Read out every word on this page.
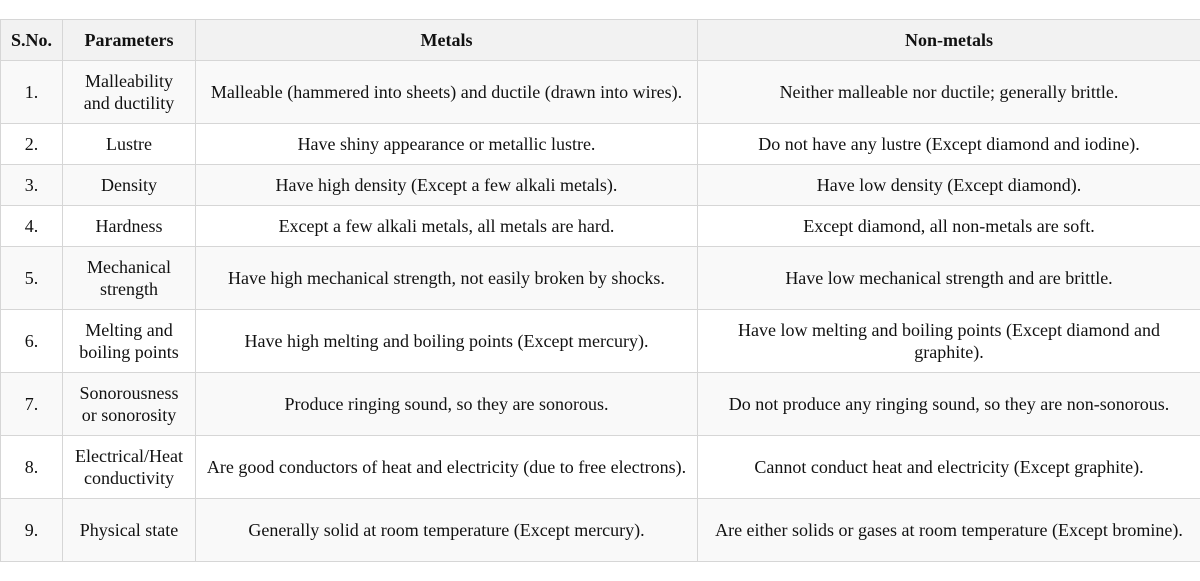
S.No.	Parameters	Metals	Non-metals
1.	Malleability and ductility	Malleable (hammered into sheets) and ductile (drawn into wires).	Neither malleable nor ductile; generally brittle.
2.	Lustre	Have shiny appearance or metallic lustre.	Do not have any lustre (Except diamond and iodine).
3.	Density	Have high density (Except a few alkali metals).	Have low density (Except diamond).
4.	Hardness	Except a few alkali metals, all metals are hard.	Except diamond, all non-metals are soft.
5.	Mechanical strength	Have high mechanical strength, not easily broken by shocks.	Have low mechanical strength and are brittle.
6.	Melting and boiling points	Have high melting and boiling points (Except mercury).	Have low melting and boiling points (Except diamond and graphite).
7.	Sonorousness or sonorosity	Produce ringing sound, so they are sonorous.	Do not produce any ringing sound, so they are non-sonorous.
8.	Electrical/Heat conductivity	Are good conductors of heat and electricity (due to free electrons).	Cannot conduct heat and electricity (Except graphite).
9.	Physical state	Generally solid at room temperature (Except mercury).	Are either solids or gases at room temperature (Except bromine).
